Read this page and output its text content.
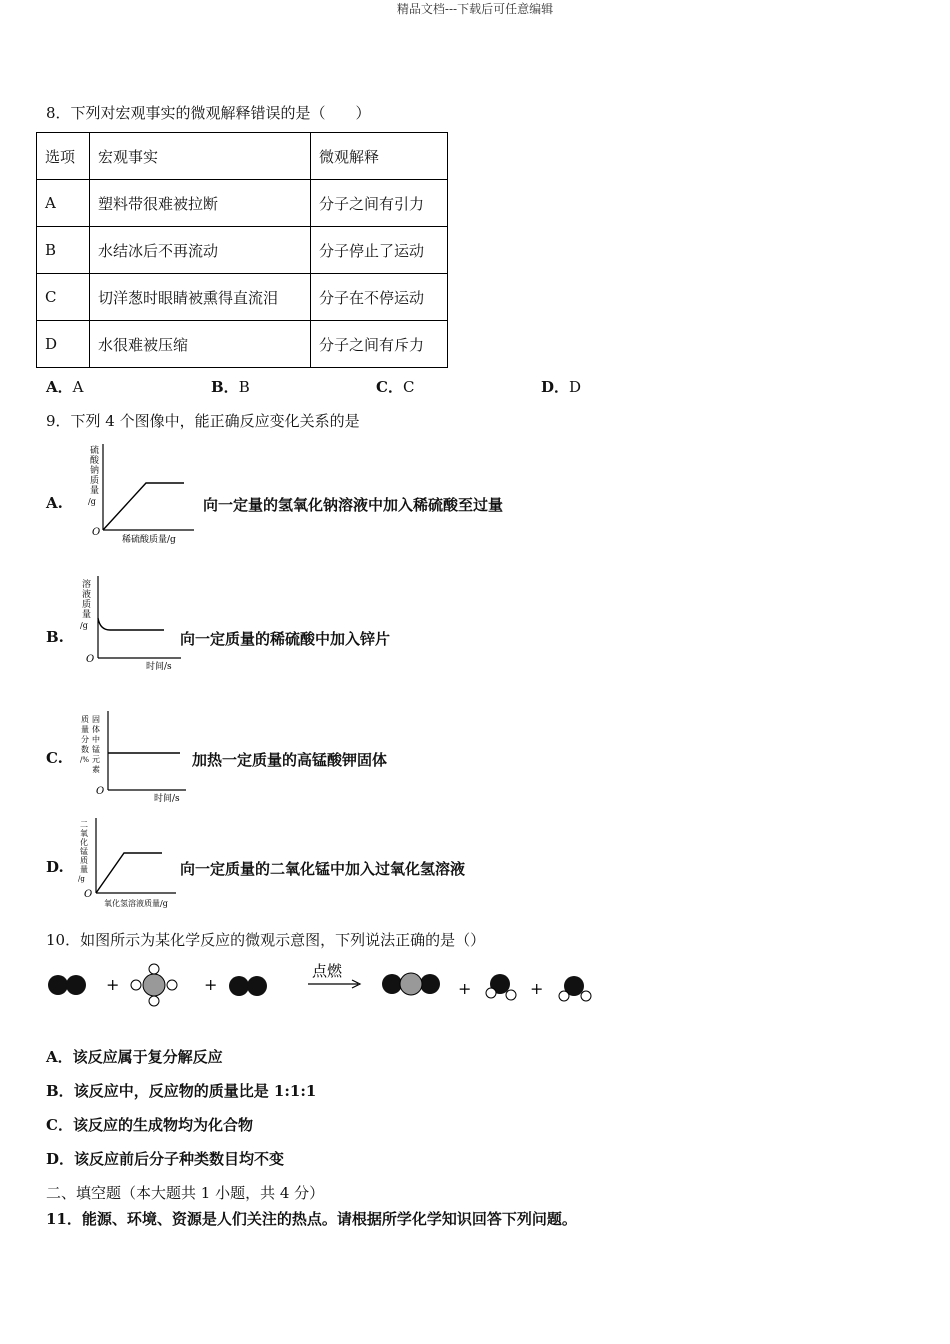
精品文档---下载后可任意编辑
8．下列对宏观事实的微观解释错误的是（　　）
选项	宏观事实	微观解释
A	塑料带很难被拉断	分子之间有引力
B	水结冰后不再流动	分子停止了运动
C	切洋葱时眼睛被熏得直流泪	分子在不停运动
D	水很难被压缩	分子之间有斥力
A．A	B．B	C．C	D．D
9．下列 4 个图像中，能正确反应变化关系的是
A.
硫
酸
钠
质
量
/g
O
稀硫酸质量/g
向一定量的氢氧化钠溶液中加入稀硫酸至过量
B.
溶
液
质
量
/g
O
时间/s
向一定质量的稀硫酸中加入锌片
C.
质
量
分
数
/%
固
体
中
锰
元
素
O
时间/s
加热一定质量的高锰酸钾固体
D.
二
氧
化
锰
质
量
/g
O
氧化氢溶液质量/g
向一定质量的二氧化锰中加入过氧化氢溶液
10．如图所示为某化学反应的微观示意图，下列说法正确的是（）
+	+
点燃
+	+
A．该反应属于复分解反应
B．该反应中，反应物的质量比是 1:1:1
C．该反应的生成物均为化合物
D．该反应前后分子种类数目均不变
二、填空题（本大题共 1 小题，共 4 分）
11．能源、环境、资源是人们关注的热点。请根据所学化学知识回答下列问题。
